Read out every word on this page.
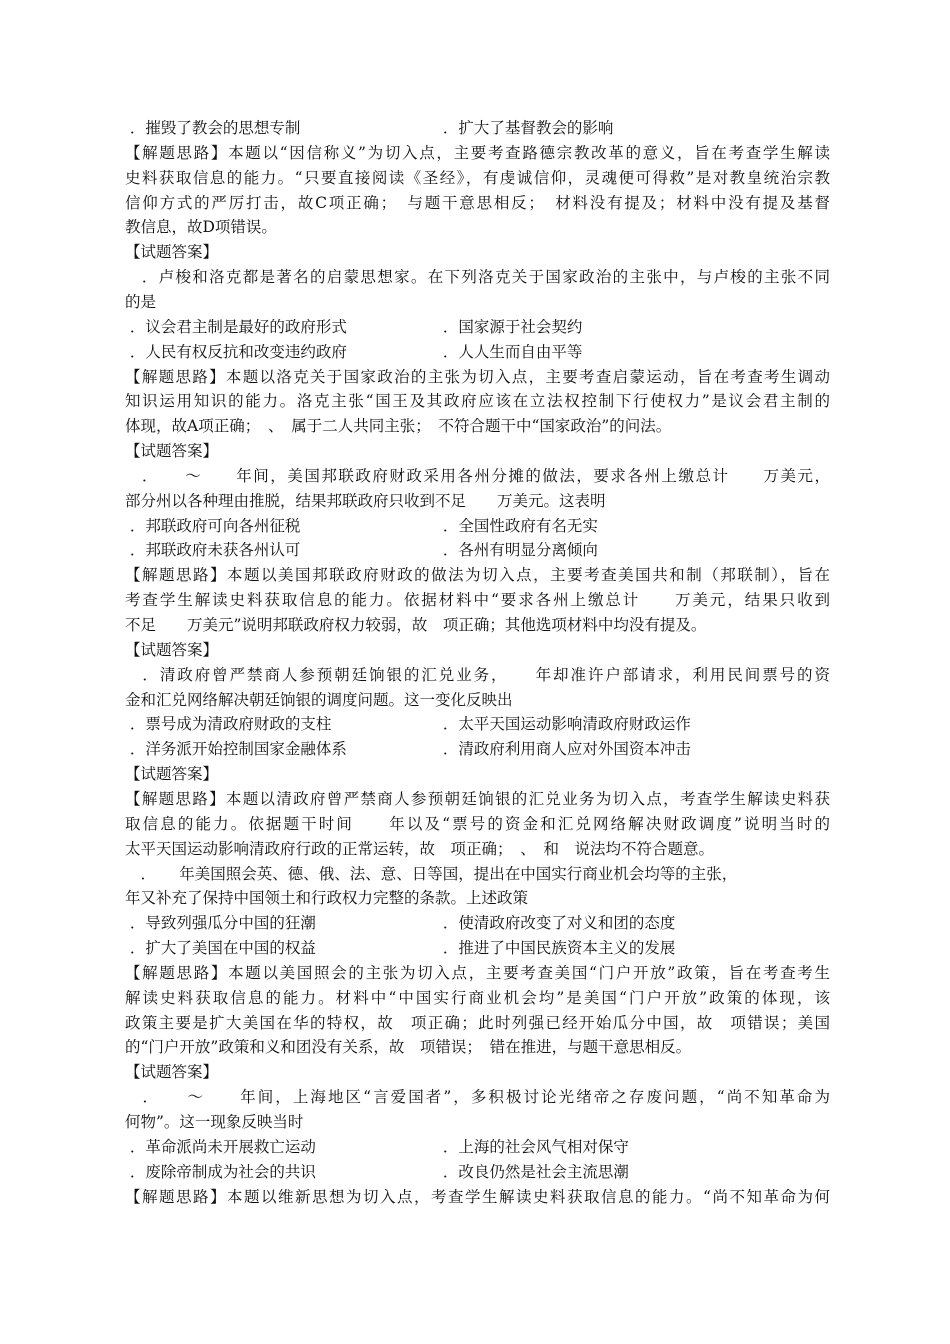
．摧毁了教会的思想专制	．扩大了基督教会的影响
【解题思路】本题以“因信称义”为切入点，主要考查路德宗教改革的意义，旨在考查学生解读
史料获取信息的能力。“只要直接阅读《圣经》，有虔诚信仰，灵魂便可得救”是对教皇统治宗教
信仰方式的严厉打击，故C项正确；　与题干意思相反；　材料没有提及；材料中没有提及基督
教信息，故D项错误。
【试题答案】
　．卢梭和洛克都是著名的启蒙思想家。在下列洛克关于国家政治的主张中，与卢梭的主张不同
的是
．议会君主制是最好的政府形式	．国家源于社会契约
．人民有权反抗和改变违约政府	．人人生而自由平等
【解题思路】本题以洛克关于国家政治的主张为切入点，主要考查启蒙运动，旨在考查考生调动
知识运用知识的能力。洛克主张“国王及其政府应该在立法权控制下行使权力”是议会君主制的
体现，故A项正确；　、　属于二人共同主张；　不符合题干中“国家政治”的问法。
【试题答案】
　．　　～　　年间，美国邦联政府财政采用各州分摊的做法，要求各州上缴总计　　万美元，
部分州以各种理由推脱，结果邦联政府只收到不足　　万美元。这表明
．邦联政府可向各州征税	．全国性政府有名无实
．邦联政府未获各州认可	．各州有明显分离倾向
【解题思路】本题以美国邦联政府财政的做法为切入点，主要考查美国共和制（邦联制），旨在
考查学生解读史料获取信息的能力。依据材料中“要求各州上缴总计　　万美元，结果只收到
不足　　万美元”说明邦联政府权力较弱，故　项正确；其他选项材料中均没有提及。
【试题答案】
　．清政府曾严禁商人参预朝廷饷银的汇兑业务，　　年却准许户部请求，利用民间票号的资
金和汇兑网络解决朝廷饷银的调度问题。这一变化反映出
．票号成为清政府财政的支柱	．太平天国运动影响清政府财政运作
．洋务派开始控制国家金融体系	．清政府利用商人应对外国资本冲击
【试题答案】
【解题思路】本题以清政府曾严禁商人参预朝廷饷银的汇兑业务为切入点，考查学生解读史料获
取信息的能力。依据题干时间　　年以及“票号的资金和汇兑网络解决财政调度”说明当时的
太平天国运动影响清政府行政的正常运转，故　项正确；　、　和　说法均不符合题意。
　．　　年美国照会英、德、俄、法、意、日等国，提出在中国实行商业机会均等的主张，
年又补充了保持中国领土和行政权力完整的条款。上述政策
．导致列强瓜分中国的狂潮	．使清政府改变了对义和团的态度
．扩大了美国在中国的权益	．推进了中国民族资本主义的发展
【解题思路】本题以美国照会的主张为切入点，主要考查美国“门户开放”政策，旨在考查考生
解读史料获取信息的能力。材料中“中国实行商业机会均”是美国“门户开放”政策的体现，该
政策主要是扩大美国在华的特权，故　项正确；此时列强已经开始瓜分中国，故　项错误；美国
的“门户开放”政策和义和团没有关系，故　项错误；　错在推进，与题干意思相反。
【试题答案】
　．　　～　　年间，上海地区“言爱国者”，多积极讨论光绪帝之存废问题，“尚不知革命为
何物”。这一现象反映当时
．革命派尚未开展救亡运动	．上海的社会风气相对保守
．废除帝制成为社会的共识	．改良仍然是社会主流思潮
【解题思路】本题以维新思想为切入点，考查学生解读史料获取信息的能力。“尚不知革命为何
